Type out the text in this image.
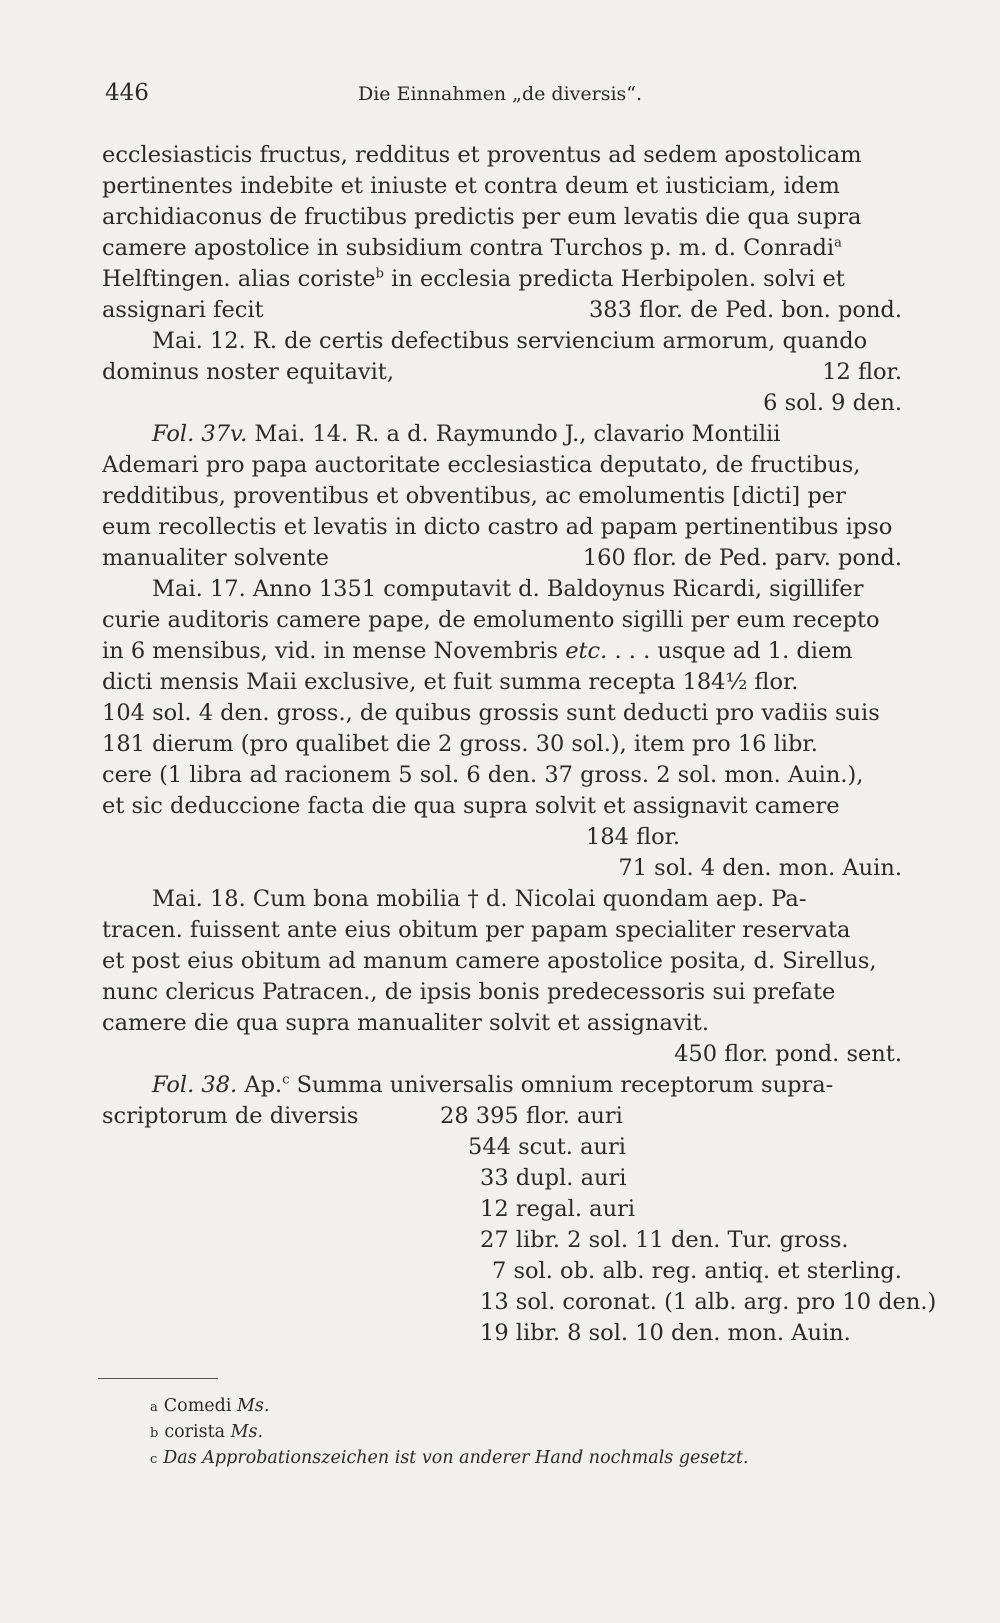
446	Die Einnahmen „de diversis“.
ecclesiasticis fructus, redditus et proventus ad sedem apostolicam
pertinentes indebite et iniuste et contra deum et iusticiam, idem
archidiaconus de fructibus predictis per eum levatis die qua supra
camere apostolice in subsidium contra Turchos p. m. d. Conradi$^a$
Helftingen. alias coriste$^b$ in ecclesia predicta Herbipolen. solvi et
assignari fecit	383 flor. de Ped. bon. pond.
Mai. 12. R. de certis defectibus serviencium armorum, quando
dominus noster equitavit,	12 flor.
6 sol. 9 den.
Fol. 37v. Mai. 14. R. a d. Raymundo J., clavario Montilii
Ademari pro papa auctoritate ecclesiastica deputato, de fructibus,
redditibus, proventibus et obventibus, ac emolumentis [dicti] per
eum recollectis et levatis in dicto castro ad papam pertinentibus ipso
manualiter solvente	160 flor. de Ped. parv. pond.
Mai. 17. Anno 1351 computavit d. Baldoynus Ricardi, sigillifer
curie auditoris camere pape, de emolumento sigilli per eum recepto
in 6 mensibus, vid. in mense Novembris etc. . . . usque ad 1. diem
dicti mensis Maii exclusive, et fuit summa recepta 184½ flor.
104 sol. 4 den. gross., de quibus grossis sunt deducti pro vadiis suis
181 dierum (pro qualibet die 2 gross. 30 sol.), item pro 16 libr.
cere (1 libra ad racionem 5 sol. 6 den. 37 gross. 2 sol. mon. Auin.),
et sic deduccione facta die qua supra solvit et assignavit camere
184 flor.
71 sol. 4 den. mon. Auin.
Mai. 18. Cum bona mobilia † d. Nicolai quondam aep. Pa-
tracen. fuissent ante eius obitum per papam specialiter reservata
et post eius obitum ad manum camere apostolice posita, d. Sirellus,
nunc clericus Patracen., de ipsis bonis predecessoris sui prefate
camere die qua supra manualiter solvit et assignavit.
450 flor. pond. sent.
Fol. 38. Ap.$^c$ Summa universalis omnium receptorum supra-
scriptorum de diversis	28 395 flor. auri
544 scut. auri
33 dupl. auri
12 regal. auri
27 libr. 2 sol. 11 den. Tur. gross.
7 sol. ob. alb. reg. antiq. et sterling.
13 sol. coronat. (1 alb. arg. pro 10 den.)
19 libr. 8 sol. 10 den. mon. Auin.
a Comedi Ms.
b corista Ms.
c Das Approbationszeichen ist von anderer Hand nochmals gesetzt.
